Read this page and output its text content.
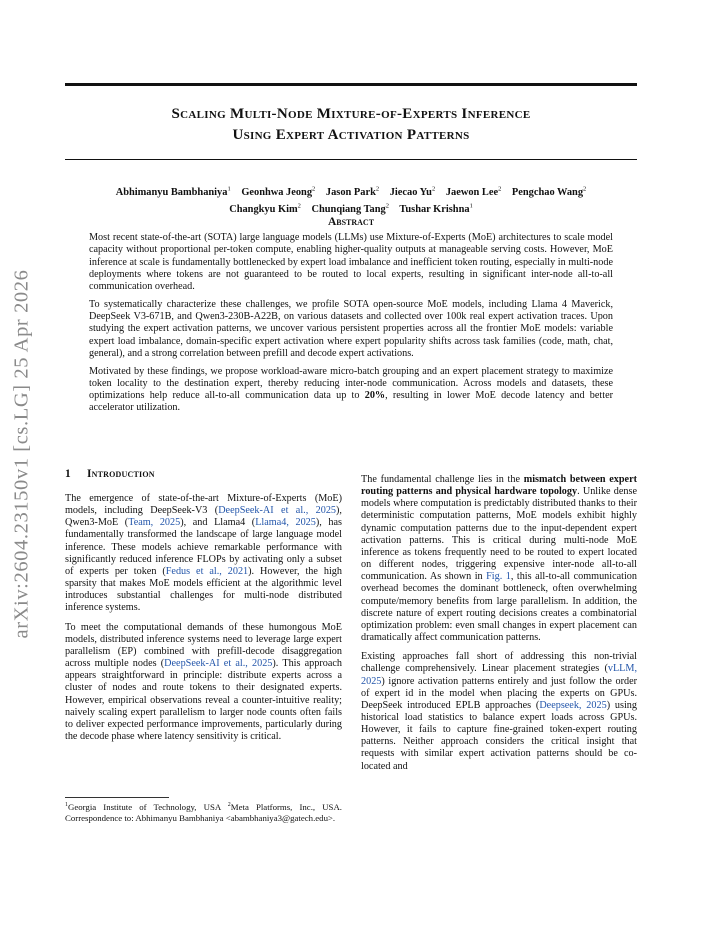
arXiv:2604.23150v1 [cs.LG] 25 Apr 2026
Scaling Multi-Node Mixture-of-Experts Inference
Using Expert Activation Patterns
Abhimanyu Bambhaniya$^1$ Geonhwa Jeong$^2$ Jason Park$^2$ Jiecao Yu$^2$ Jaewon Lee$^2$ Pengchao Wang$^2$
Changkyu Kim$^2$ Chunqiang Tang$^2$ Tushar Krishna$^1$
Abstract

Most recent state-of-the-art (SOTA) large language models (LLMs) use Mixture-of-Experts (MoE) architectures to scale model capacity without proportional per-token compute, enabling higher-quality outputs at manageable serving costs. However, MoE inference at scale is fundamentally bottlenecked by expert load imbalance and inefficient token routing, especially in multi-node deployments where tokens are not guaranteed to be routed to local experts, resulting in significant inter-node all-to-all communication overhead.

To systematically characterize these challenges, we profile SOTA open-source MoE models, including Llama 4 Maverick, DeepSeek V3-671B, and Qwen3-230B-A22B, on various datasets and collected over 100k real expert activation traces. Upon studying the expert activation patterns, we uncover various persistent properties across all the frontier MoE models: variable expert load imbalance, domain-specific expert activation where expert popularity shifts across task families (code, math, chat, general), and a strong correlation between prefill and decode expert activations.

Motivated by these findings, we propose workload-aware micro-batch grouping and an expert placement strategy to maximize token locality to the destination expert, thereby reducing inter-node communication. Across models and datasets, these optimizations help reduce all-to-all communication data up to 20%, resulting in lower MoE decode latency and better accelerator utilization.

1 Introduction

The emergence of state-of-the-art Mixture-of-Experts (MoE) models, including DeepSeek-V3 (DeepSeek-AI et al., 2025), Qwen3-MoE (Team, 2025), and Llama4 (Llama4, 2025), has fundamentally transformed the landscape of large language model inference. These models achieve remarkable performance with significantly reduced inference FLOPs by activating only a subset of experts per token (Fedus et al., 2021). However, the high sparsity that makes MoE models efficient at the algorithmic level introduces substantial challenges for multi-node distributed inference systems.

To meet the computational demands of these humongous MoE models, distributed inference systems need to leverage large expert parallelism (EP) combined with prefill-decode disaggregation across multiple nodes (DeepSeek-AI et al., 2025). This approach appears straightforward in principle: distribute experts across a cluster of nodes and route tokens to their designated experts. However, empirical observations reveal a counter-intuitive reality; naively scaling expert parallelism to larger node counts often fails to deliver expected performance improvements, particularly during the decode phase where latency sensitivity is critical.

$^1$Georgia Institute of Technology, USA $^2$Meta Platforms, Inc., USA. Correspondence to: Abhimanyu Bambhaniya <abambhaniya3@gatech.edu>.

The fundamental challenge lies in the mismatch between expert routing patterns and physical hardware topology. Unlike dense models where computation is predictably distributed thanks to their deterministic computation patterns, MoE models exhibit highly dynamic computation patterns due to the input-dependent expert activation patterns. This is critical during multi-node MoE inference as tokens frequently need to be routed to expert located on different nodes, triggering expensive inter-node all-to-all communication. As shown in Fig. 1, this all-to-all communication overhead becomes the dominant bottleneck, often overwhelming compute/memory benefits from large parallelism. In addition, the discrete nature of expert routing decisions creates a combinatorial optimization problem: even small changes in expert placement can dramatically affect communication patterns.

Existing approaches fall short of addressing this non-trivial challenge comprehensively. Linear placement strategies (vLLM, 2025) ignore activation patterns entirely and just follow the order of expert id in the model when placing the experts on GPUs. DeepSeek introduced EPLB approaches (Deepseek, 2025) using historical load statistics to balance expert loads across GPUs. However, it fails to capture fine-grained token-expert routing patterns. Neither approach considers the critical insight that requests with similar expert activation patterns should be co-located and
